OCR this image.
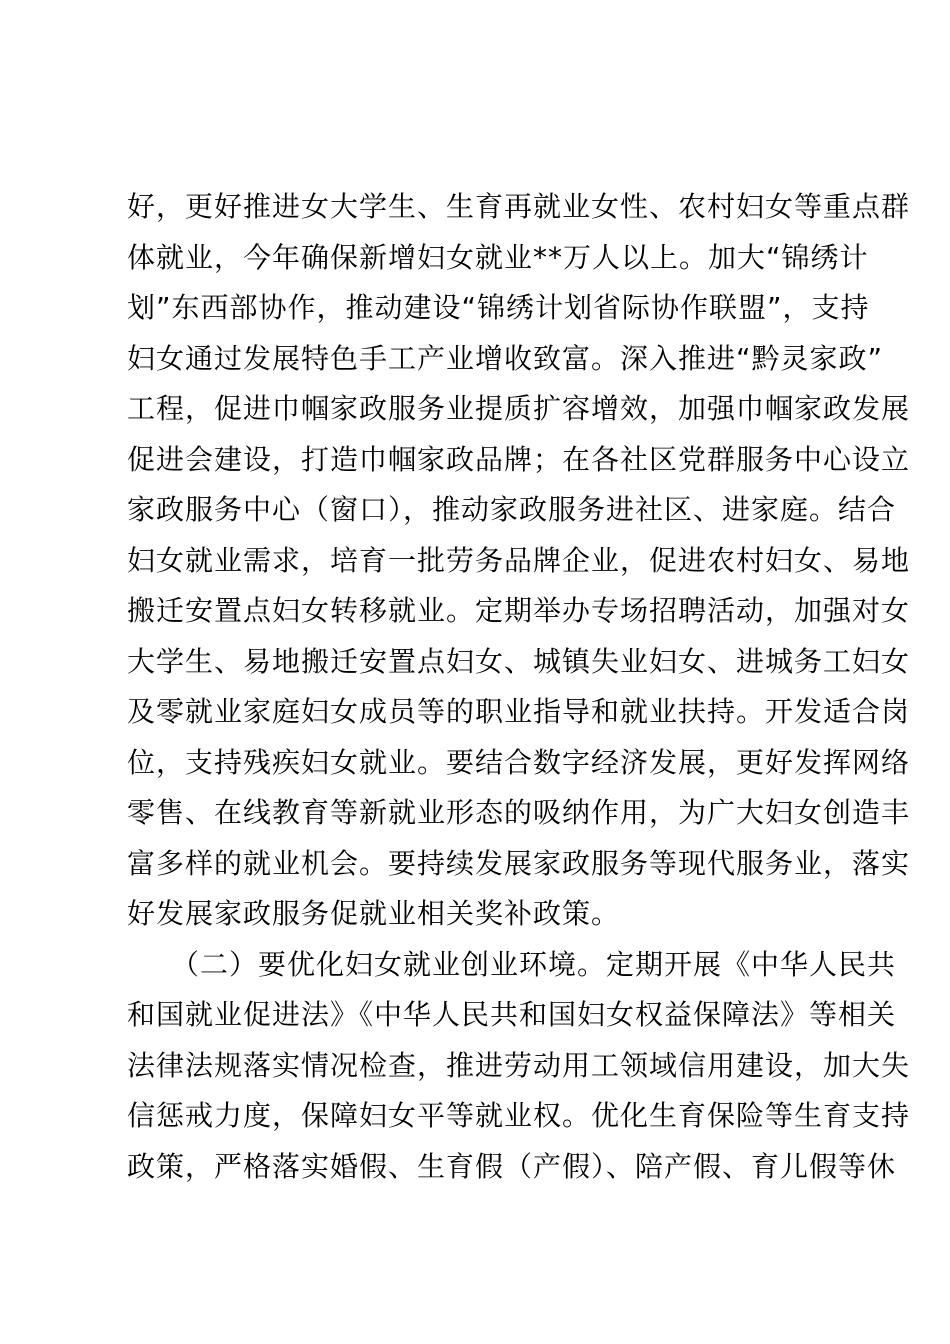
好，更好推进女大学生、生育再就业女性、农村妇女等重点群
体就业，今年确保新增妇女就业**万人以上。加大“锦绣计
划”东西部协作，推动建设“锦绣计划省际协作联盟”，支持
妇女通过发展特色手工产业增收致富。深入推进“黔灵家政”
工程，促进巾帼家政服务业提质扩容增效，加强巾帼家政发展
促进会建设，打造巾帼家政品牌；在各社区党群服务中心设立
家政服务中心（窗口），推动家政服务进社区、进家庭。结合
妇女就业需求，培育一批劳务品牌企业，促进农村妇女、易地
搬迁安置点妇女转移就业。定期举办专场招聘活动，加强对女
大学生、易地搬迁安置点妇女、城镇失业妇女、进城务工妇女
及零就业家庭妇女成员等的职业指导和就业扶持。开发适合岗
位，支持残疾妇女就业。要结合数字经济发展，更好发挥网络
零售、在线教育等新就业形态的吸纳作用，为广大妇女创造丰
富多样的就业机会。要持续发展家政服务等现代服务业，落实
好发展家政服务促就业相关奖补政策。
　　（二）要优化妇女就业创业环境。定期开展《中华人民共
和国就业促进法》《中华人民共和国妇女权益保障法》等相关
法律法规落实情况检查，推进劳动用工领域信用建设，加大失
信惩戒力度，保障妇女平等就业权。优化生育保险等生育支持
政策，严格落实婚假、生育假（产假）、陪产假、育儿假等休
